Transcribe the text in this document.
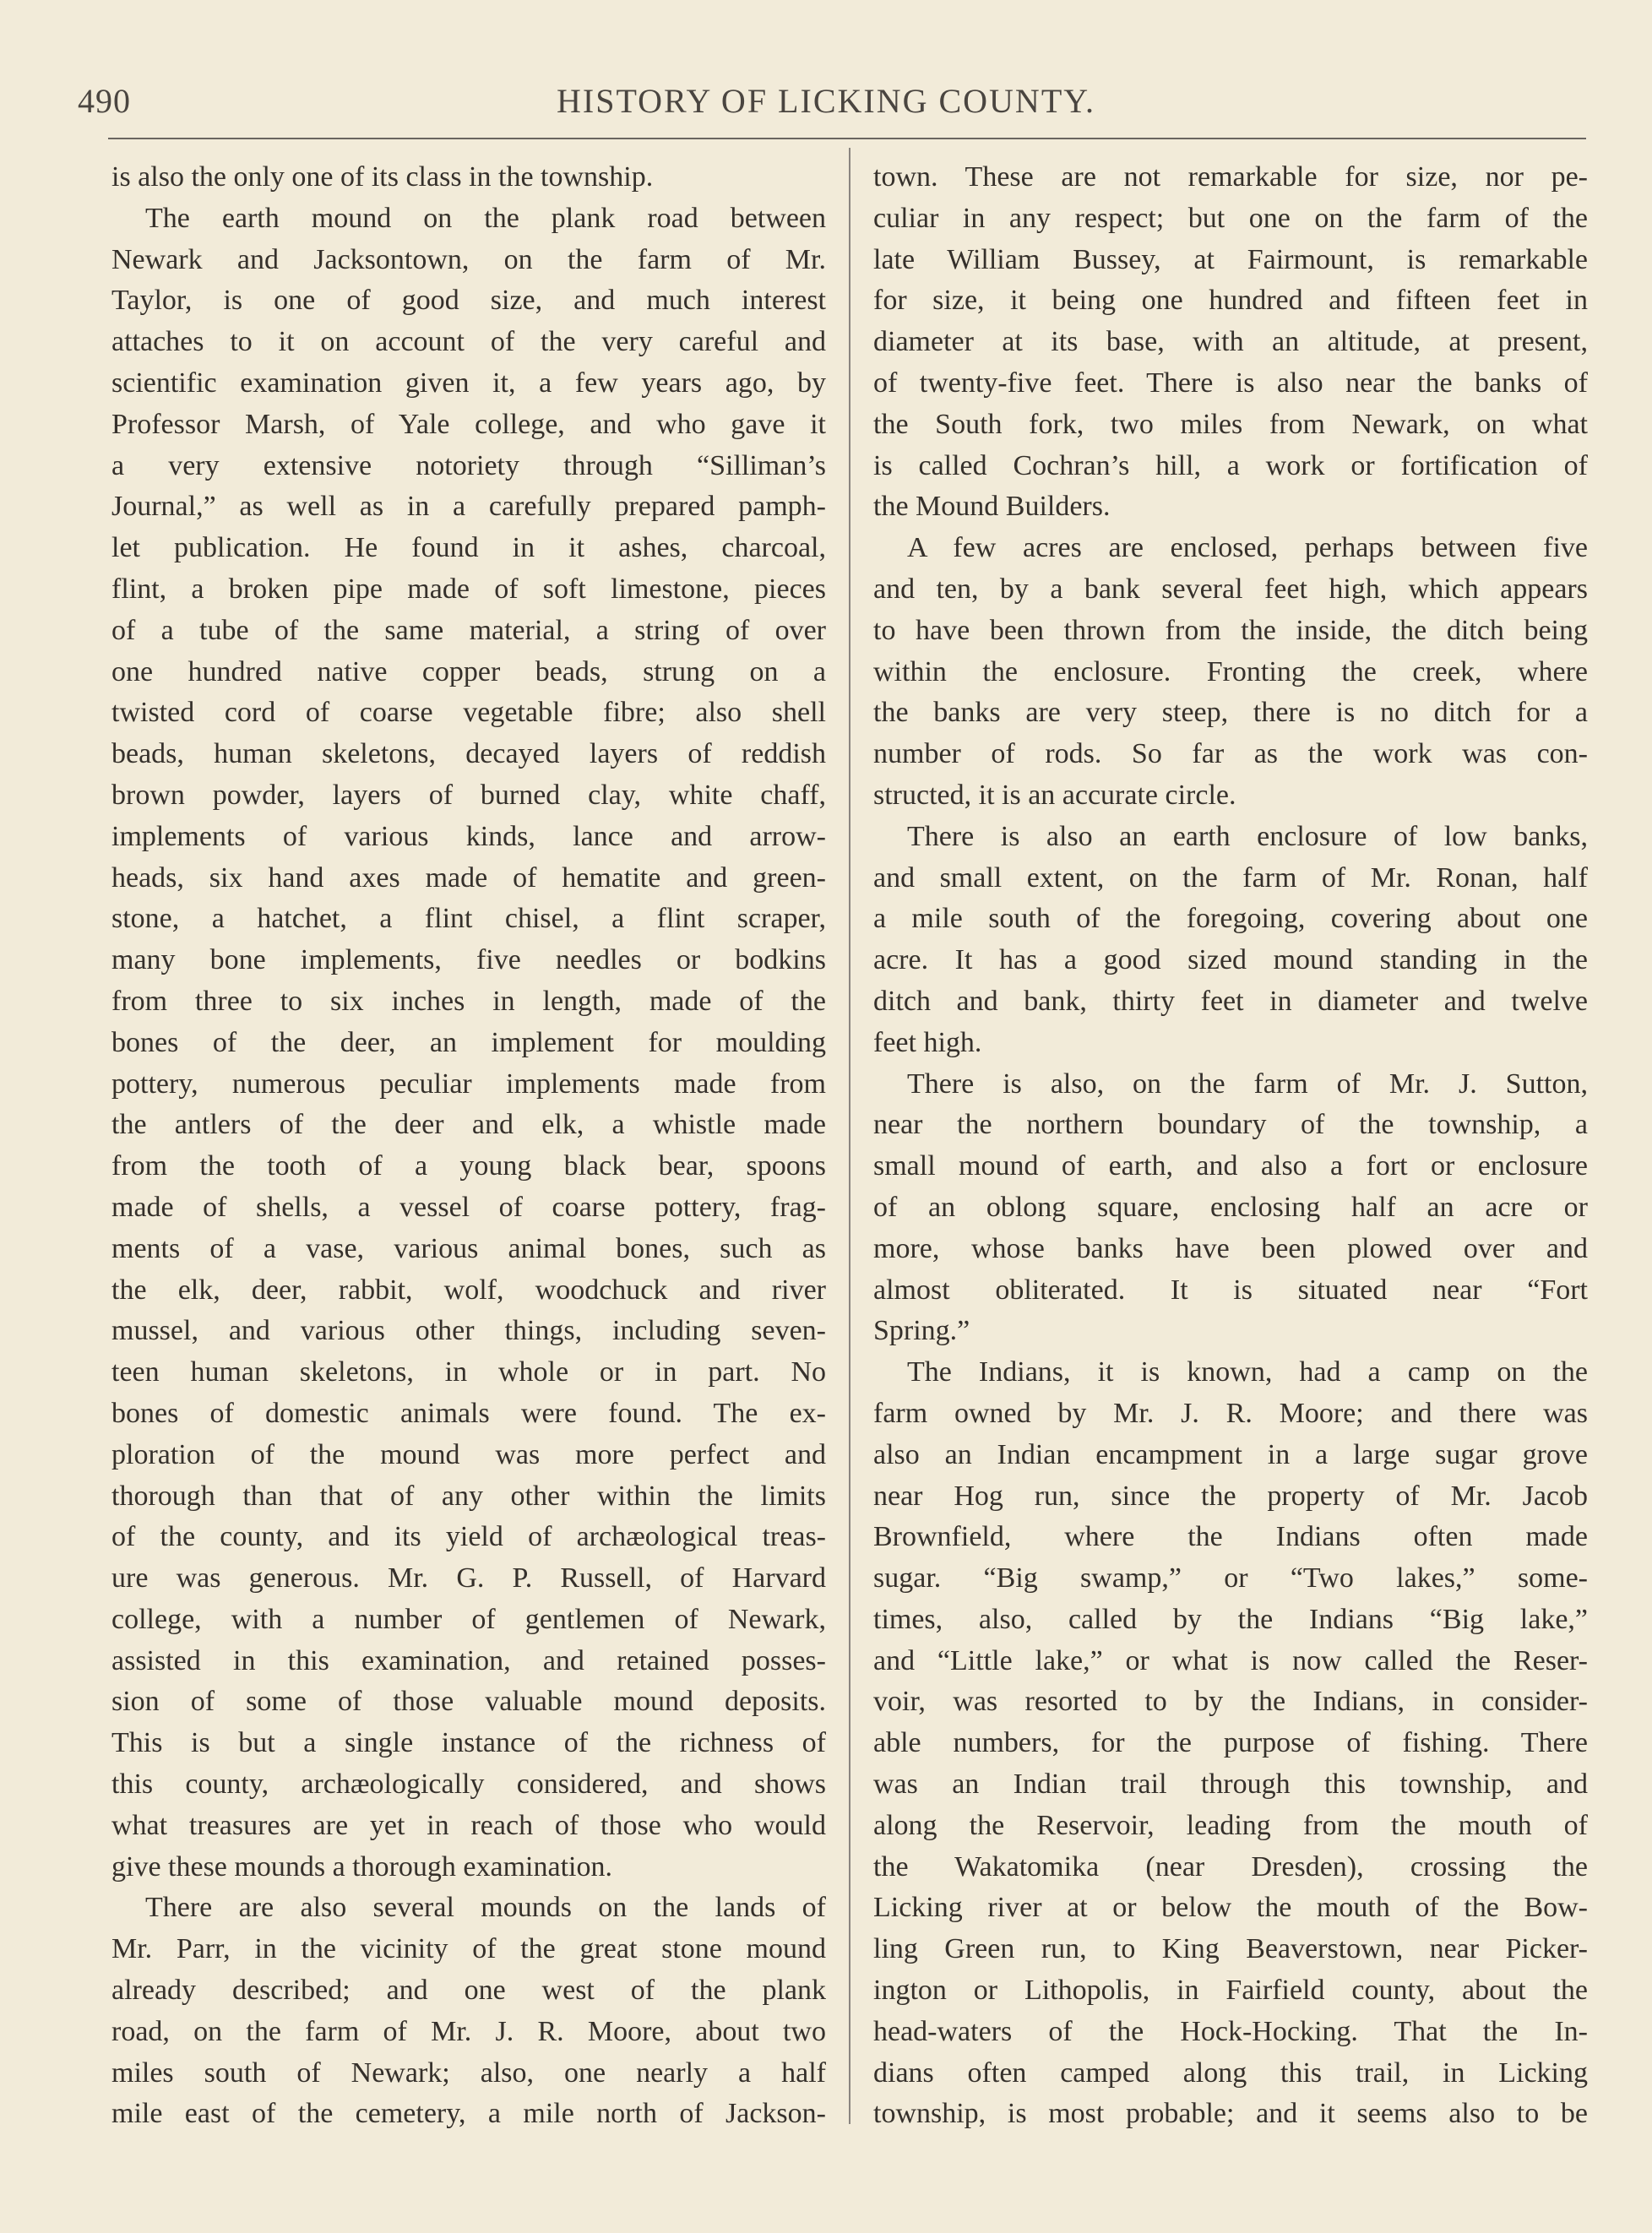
490	HISTORY OF LICKING COUNTY.
is also the only one of its class in the township.
The earth mound on the plank road between
Newark and Jacksontown, on the farm of Mr.
Taylor, is one of good size, and much interest
attaches to it on account of the very careful and
scientific examination given it, a few years ago, by
Professor Marsh, of Yale college, and who gave it
a very extensive notoriety through “Silliman’s
Journal,” as well as in a carefully prepared pamph-
let publication. He found in it ashes, charcoal,
flint, a broken pipe made of soft limestone, pieces
of a tube of the same material, a string of over
one hundred native copper beads, strung on a
twisted cord of coarse vegetable fibre; also shell
beads, human skeletons, decayed layers of reddish
brown powder, layers of burned clay, white chaff,
implements of various kinds, lance and arrow-
heads, six hand axes made of hematite and green-
stone, a hatchet, a flint chisel, a flint scraper,
many bone implements, five needles or bodkins
from three to six inches in length, made of the
bones of the deer, an implement for moulding
pottery, numerous peculiar implements made from
the antlers of the deer and elk, a whistle made
from the tooth of a young black bear, spoons
made of shells, a vessel of coarse pottery, frag-
ments of a vase, various animal bones, such as
the elk, deer, rabbit, wolf, woodchuck and river
mussel, and various other things, including seven-
teen human skeletons, in whole or in part. No
bones of domestic animals were found. The ex-
ploration of the mound was more perfect and
thorough than that of any other within the limits
of the county, and its yield of archæological treas-
ure was generous. Mr. G. P. Russell, of Harvard
college, with a number of gentlemen of Newark,
assisted in this examination, and retained posses-
sion of some of those valuable mound deposits.
This is but a single instance of the richness of
this county, archæologically considered, and shows
what treasures are yet in reach of those who would
give these mounds a thorough examination.
There are also several mounds on the lands of
Mr. Parr, in the vicinity of the great stone mound
already described; and one west of the plank
road, on the farm of Mr. J. R. Moore, about two
miles south of Newark; also, one nearly a half
mile east of the cemetery, a mile north of Jackson-
town. These are not remarkable for size, nor pe-
culiar in any respect; but one on the farm of the
late William Bussey, at Fairmount, is remarkable
for size, it being one hundred and fifteen feet in
diameter at its base, with an altitude, at present,
of twenty-five feet. There is also near the banks of
the South fork, two miles from Newark, on what
is called Cochran’s hill, a work or fortification of
the Mound Builders.
A few acres are enclosed, perhaps between five
and ten, by a bank several feet high, which appears
to have been thrown from the inside, the ditch being
within the enclosure. Fronting the creek, where
the banks are very steep, there is no ditch for a
number of rods. So far as the work was con-
structed, it is an accurate circle.
There is also an earth enclosure of low banks,
and small extent, on the farm of Mr. Ronan, half
a mile south of the foregoing, covering about one
acre. It has a good sized mound standing in the
ditch and bank, thirty feet in diameter and twelve
feet high.
There is also, on the farm of Mr. J. Sutton,
near the northern boundary of the township, a
small mound of earth, and also a fort or enclosure
of an oblong square, enclosing half an acre or
more, whose banks have been plowed over and
almost obliterated. It is situated near “Fort
Spring.”
The Indians, it is known, had a camp on the
farm owned by Mr. J. R. Moore; and there was
also an Indian encampment in a large sugar grove
near Hog run, since the property of Mr. Jacob
Brownfield, where the Indians often made
sugar. “Big swamp,” or “Two lakes,” some-
times, also, called by the Indians “Big lake,”
and “Little lake,” or what is now called the Reser-
voir, was resorted to by the Indians, in consider-
able numbers, for the purpose of fishing. There
was an Indian trail through this township, and
along the Reservoir, leading from the mouth of
the Wakatomika (near Dresden), crossing the
Licking river at or below the mouth of the Bow-
ling Green run, to King Beaverstown, near Picker-
ington or Lithopolis, in Fairfield county, about the
head-waters of the Hock-Hocking. That the In-
dians often camped along this trail, in Licking
township, is most probable; and it seems also to be
